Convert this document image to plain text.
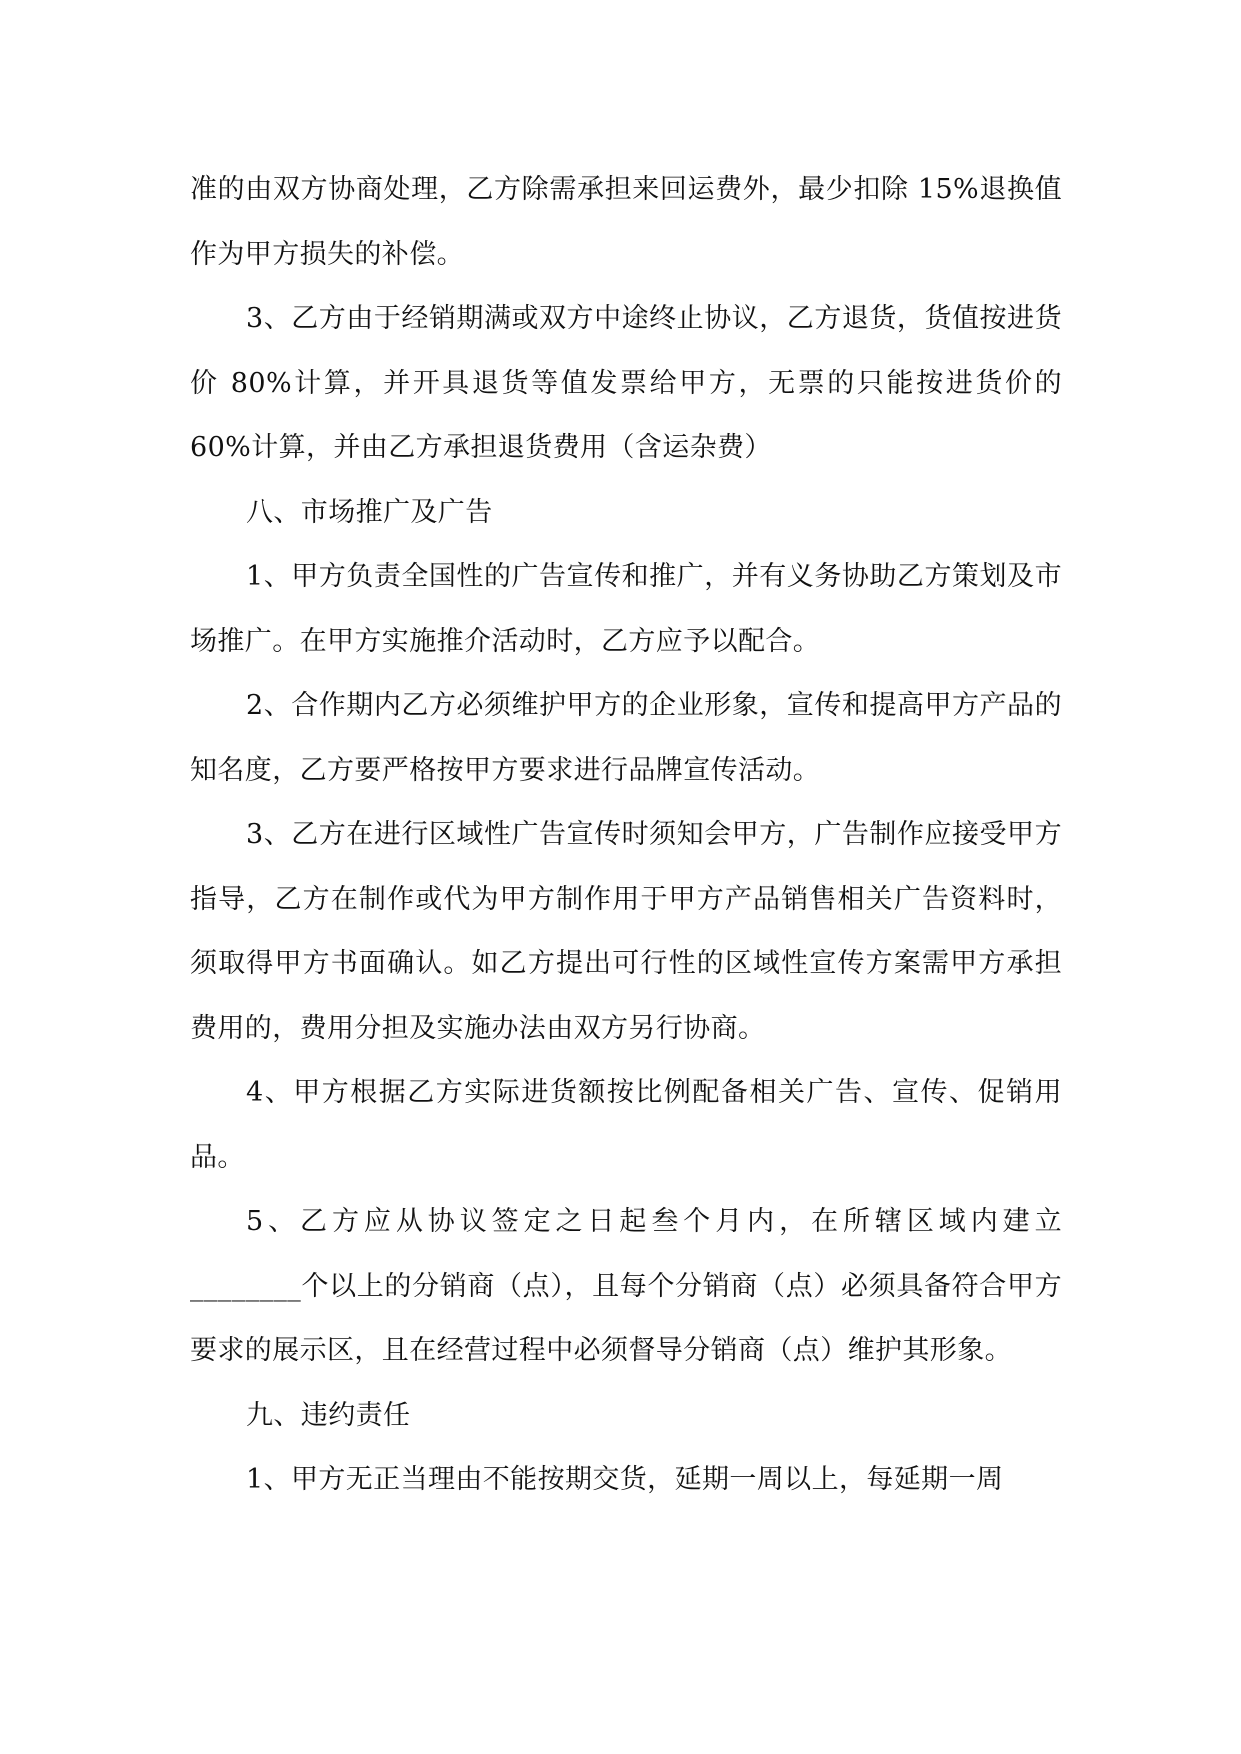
准的由双方协商处理，乙方除需承担来回运费外，最少扣除 15%退换值作为甲方损失的补偿。

3、乙方由于经销期满或双方中途终止协议，乙方退货，货值按进货价 80%计算，并开具退货等值发票给甲方，无票的只能按进货价的 60%计算，并由乙方承担退货费用（含运杂费）

八、市场推广及广告

1、甲方负责全国性的广告宣传和推广，并有义务协助乙方策划及市场推广。在甲方实施推介活动时，乙方应予以配合。

2、合作期内乙方必须维护甲方的企业形象，宣传和提高甲方产品的知名度，乙方要严格按甲方要求进行品牌宣传活动。

3、乙方在进行区域性广告宣传时须知会甲方，广告制作应接受甲方指导，乙方在制作或代为甲方制作用于甲方产品销售相关广告资料时，须取得甲方书面确认。如乙方提出可行性的区域性宣传方案需甲方承担费用的，费用分担及实施办法由双方另行协商。

4、甲方根据乙方实际进货额按比例配备相关广告、宣传、促销用品。

5、乙方应从协议签定之日起叁个月内，在所辖区域内建立 ________个以上的分销商（点），且每个分销商（点）必须具备符合甲方要求的展示区，且在经营过程中必须督导分销商（点）维护其形象。

九、违约责任

1、甲方无正当理由不能按期交货，延期一周以上，每延期一周
